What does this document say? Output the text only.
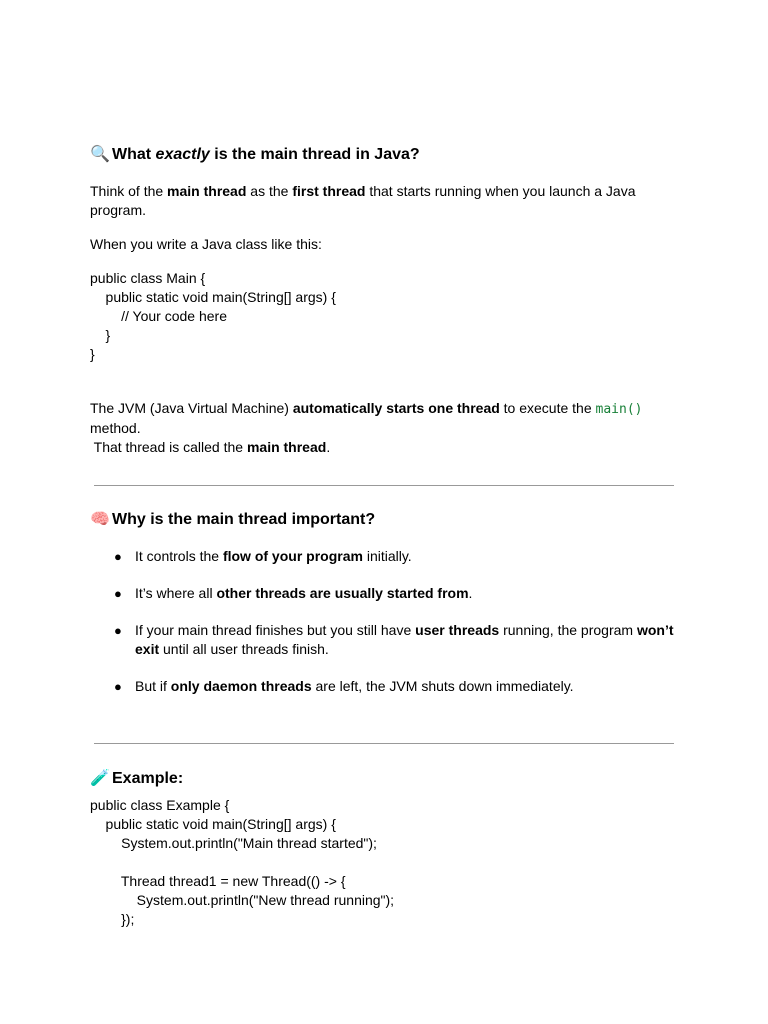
🔍 What exactly is the main thread in Java?
Think of the main thread as the first thread that starts running when you launch a Java program.
When you write a Java class like this:
public class Main {
public static void main(String[] args) {
// Your code here
}
}
The JVM (Java Virtual Machine) automatically starts one thread to execute the main()
method.
That thread is called the main thread.
🧠 Why is the main thread important?
● It controls the flow of your program initially.
● It’s where all other threads are usually started from.
● If your main thread finishes but you still have user threads running, the program won’t exit until all user threads finish.
● But if only daemon threads are left, the JVM shuts down immediately.
🧪 Example:
public class Example {
public static void main(String[] args) {
System.out.println("Main thread started");

Thread thread1 = new Thread(() -> {
System.out.println("New thread running");
});
